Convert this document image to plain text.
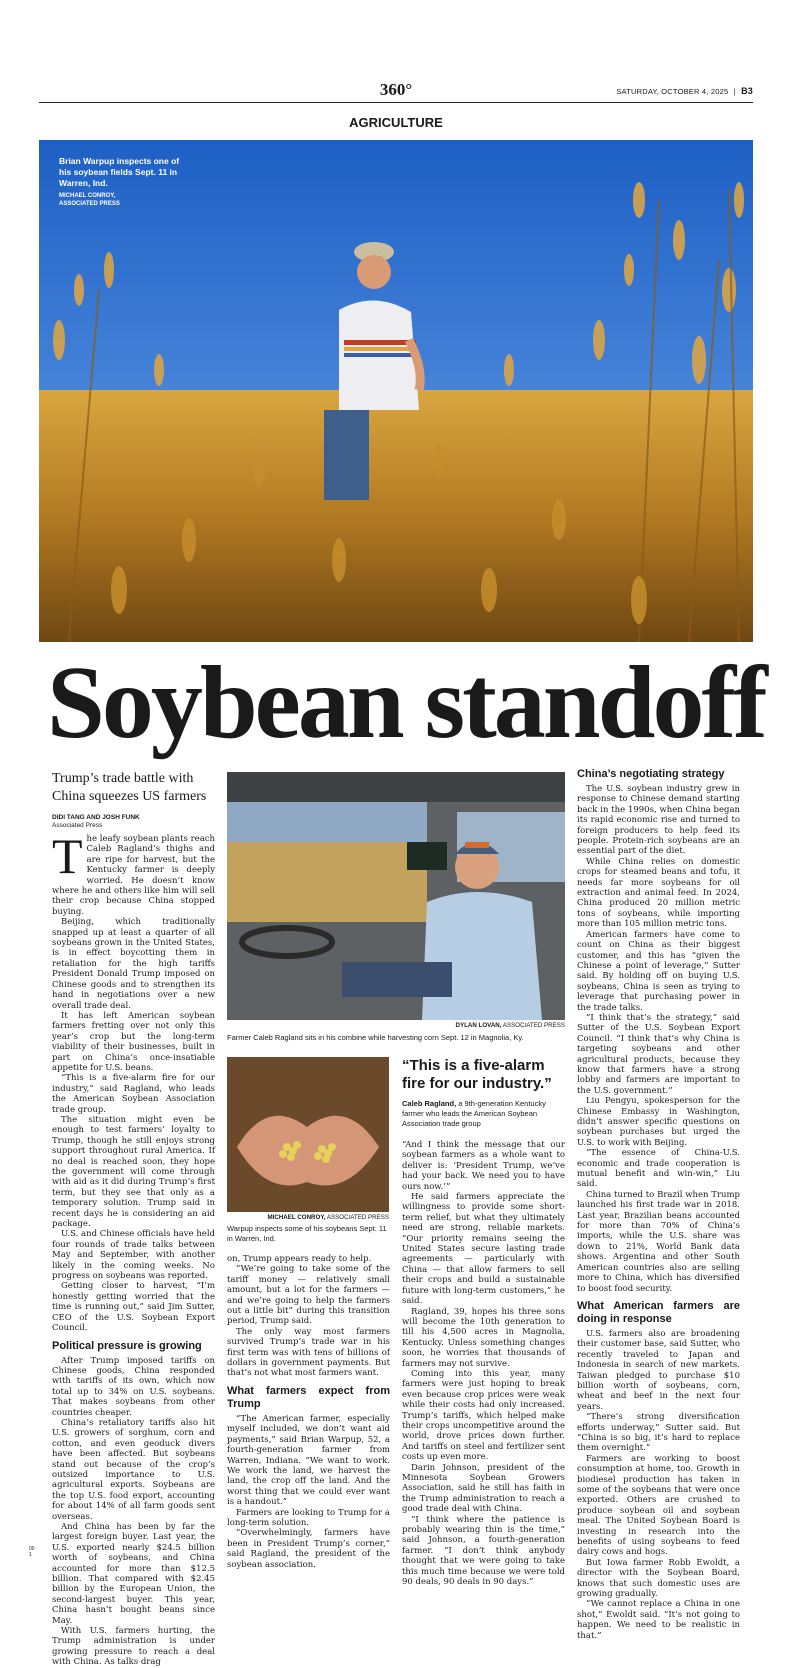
360°	SATURDAY, OCTOBER 4, 2025 | B3
AGRICULTURE
Brian Warpup inspects one of his soybean fields Sept. 11 in Warren, Ind.
MICHAEL CONROY,
ASSOCIATED PRESS
Soybean standoff
Trump’s trade battle with China squeezes US farmers
DIDI TANG AND JOSH FUNK
Associated Press

The leafy soybean plants reach Caleb Ragland’s thighs and are ripe for harvest, but the Kentucky farmer is deeply worried. He doesn’t know where he and others like him will sell their crop because China stopped buying.

Beijing, which traditionally snapped up at least a quarter of all soybeans grown in the United States, is in effect boycotting them in retaliation for the high tariffs President Donald Trump imposed on Chinese goods and to strengthen its hand in negotiations over a new overall trade deal.

It has left American soybean farmers fretting over not only this year’s crop but the long-term viability of their businesses, built in part on China’s once-insatiable appetite for U.S. beans.

“This is a five-alarm fire for our industry,” said Ragland, who leads the American Soybean Association trade group.

The situation might even be enough to test farmers’ loyalty to Trump, though he still enjoys strong support throughout rural America. If no deal is reached soon, they hope the government will come through with aid as it did during Trump’s first term, but they see that only as a temporary solution. Trump said in recent days he is considering an aid package.

U.S. and Chinese officials have held four rounds of trade talks between May and September, with another likely in the coming weeks. No progress on soybeans was reported.

Getting closer to harvest, “I’m honestly getting worried that the time is running out,” said Jim Sutter, CEO of the U.S. Soybean Export Council.

Political pressure is growing

After Trump imposed tariffs on Chinese goods, China responded with tariffs of its own, which now total up to 34% on U.S. soybeans. That makes soybeans from other countries cheaper.

China’s retaliatory tariffs also hit U.S. growers of sorghum, corn and cotton, and even geoduck divers have been affected. But soybeans stand out because of the crop’s outsized importance to U.S. agricultural exports. Soybeans are the top U.S. food export, accounting for about 14% of all farm goods sent overseas.

And China has been by far the largest foreign buyer. Last year, the U.S. exported nearly $24.5 billion worth of soybeans, and China accounted for more than $12.5 billion. That compared with $2.45 billion by the European Union, the second-largest buyer. This year, China hasn’t bought beans since May.

With U.S. farmers hurting, the Trump administration is under growing pressure to reach a deal with China. As talks drag

DYLAN LOVAN, ASSOCIATED PRESS
Farmer Caleb Ragland sits in his combine while harvesting corn Sept. 12 in Magnolia, Ky.
MICHAEL CONROY, ASSOCIATED PRESS
Warpup inspects some of his soybeans Sept. 11 in Warren, Ind.

on, Trump appears ready to help.

“We’re going to take some of the tariff money — relatively small amount, but a lot for the farmers — and we’re going to help the farmers out a little bit” during this transition period, Trump said.

The only way most farmers survived Trump’s trade war in his first term was with tens of billions of dollars in government payments. But that’s not what most farmers want.

What farmers expect from Trump

“The American farmer, especially myself included, we don’t want aid payments,” said Brian Warpup, 52, a fourth-generation farmer from Warren, Indiana. “We want to work. We work the land, we harvest the land, the crop off the land. And the worst thing that we could ever want is a handout.”

Farmers are looking to Trump for a long-term solution.

“Overwhelmingly, farmers have been in President Trump’s corner,” said Ragland, the president of the soybean association.

“This is a five-alarm fire for our industry.”
Caleb Ragland, a 9th-generation Kentucky farmer who leads the American Soybean Association trade group

“And I think the message that our soybean farmers as a whole want to deliver is: ‘President Trump, we’ve had your back. We need you to have ours now.’”

He said farmers appreciate the willingness to provide some short-term relief, but what they ultimately need are strong, reliable markets. “Our priority remains seeing the United States secure lasting trade agreements — particularly with China — that allow farmers to sell their crops and build a sustainable future with long-term customers,” he said.

Ragland, 39, hopes his three sons will become the 10th generation to till his 4,500 acres in Magnolia, Kentucky. Unless something changes soon, he worries that thousands of farmers may not survive.

Coming into this year, many farmers were just hoping to break even because crop prices were weak while their costs had only increased. Trump’s tariffs, which helped make their crops uncompetitive around the world, drove prices down further. And tariffs on steel and fertilizer sent costs up even more.

Darin Johnson, president of the Minnesota Soybean Growers Association, said he still has faith in the Trump administration to reach a good trade deal with China.

“I think where the patience is probably wearing thin is the time,” said Johnson, a fourth-generation farmer. “I don’t think anybody thought that we were going to take this much time because we were told 90 deals, 90 deals in 90 days.”

China’s negotiating strategy

The U.S. soybean industry grew in response to Chinese demand starting back in the 1990s, when China began its rapid economic rise and turned to foreign producers to help feed its people. Protein-rich soybeans are an essential part of the diet.

While China relies on domestic crops for steamed beans and tofu, it needs far more soybeans for oil extraction and animal feed. In 2024, China produced 20 million metric tons of soybeans, while importing more than 105 million metric tons.

American farmers have come to count on China as their biggest customer, and this has “given the Chinese a point of leverage,” Sutter said. By holding off on buying U.S. soybeans, China is seen as trying to leverage that purchasing power in the trade talks.

“I think that’s the strategy,” said Sutter of the U.S. Soybean Export Council. “I think that’s why China is targeting soybeans and other agricultural products, because they know that farmers have a strong lobby and farmers are important to the U.S. government.”

Liu Pengyu, spokesperson for the Chinese Embassy in Washington, didn’t answer specific questions on soybean purchases but urged the U.S. to work with Beijing.

“The essence of China-U.S. economic and trade cooperation is mutual benefit and win-win,” Liu said.

China turned to Brazil when Trump launched his first trade war in 2018. Last year, Brazilian beans accounted for more than 70% of China’s imports, while the U.S. share was down to 21%, World Bank data shows. Argentina and other South American countries also are selling more to China, which has diversified to boost food security.

What American farmers are doing in response

U.S. farmers also are broadening their customer base, said Sutter, who recently traveled to Japan and Indonesia in search of new markets. Taiwan pledged to purchase $10 billion worth of soybeans, corn, wheat and beef in the next four years.

“There’s strong diversification efforts underway,” Sutter said. But “China is so big, it’s hard to replace them overnight.”

Farmers are working to boost consumption at home, too. Growth in biodiesel production has taken in some of the soybeans that were once exported. Others are crushed to produce soybean oil and soybean meal. The United Soybean Board is investing in research into the benefits of using soybeans to feed dairy cows and hogs.

But Iowa farmer Robb Ewoldt, a director with the Soybean Board, knows that such domestic uses are growing gradually.

“We cannot replace a China in one shot,” Ewoldt said. “It’s not going to happen. We need to be realistic in that.”

00
1
